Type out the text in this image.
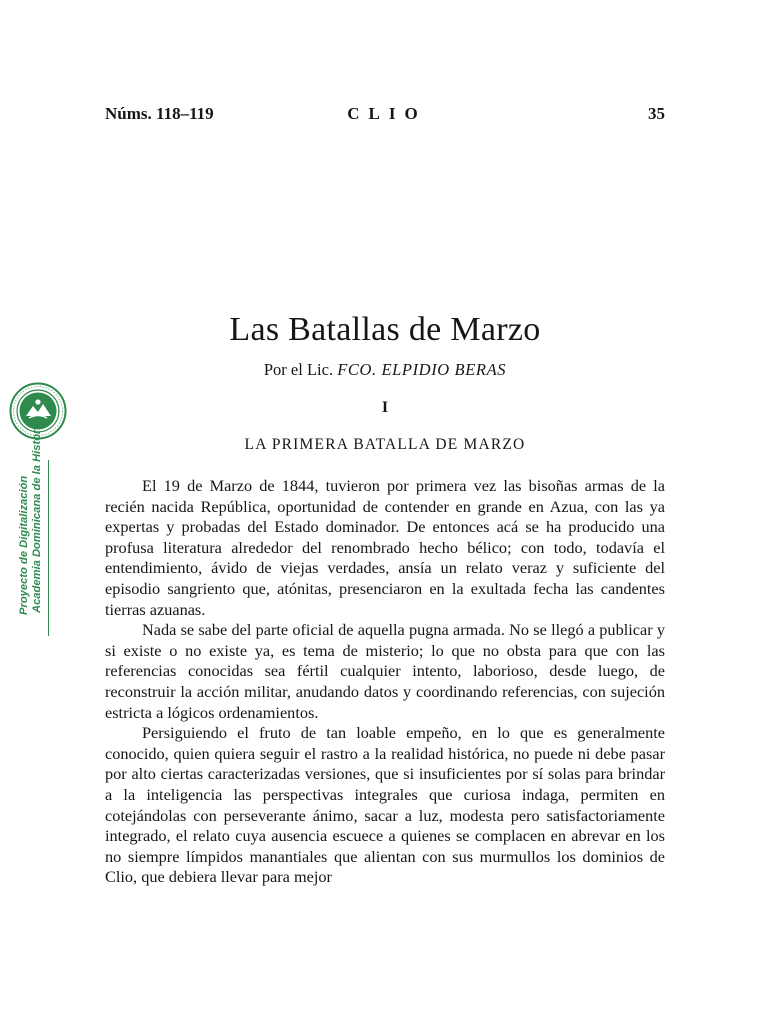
Núms. 118–119	CLIO	35
Las Batallas de Marzo
Por el Lic. FCO. ELPIDIO BERAS
I
LA PRIMERA BATALLA DE MARZO

El 19 de Marzo de 1844, tuvieron por primera vez las bisoñas armas de la recién nacida República, oportunidad de contender en grande en Azua, con las ya expertas y probadas del Estado dominador. De entonces acá se ha producido una profusa literatura alrededor del renombrado hecho bélico; con todo, todavía el entendimiento, ávido de viejas verdades, ansía un relato veraz y suficiente del episodio sangriento que, atónitas, presenciaron en la exultada fecha las candentes tierras azuanas.

Nada se sabe del parte oficial de aquella pugna armada. No se llegó a publicar y si existe o no existe ya, es tema de misterio; lo que no obsta para que con las referencias conocidas sea fértil cualquier intento, laborioso, desde luego, de reconstruir la acción militar, anudando datos y coordinando referencias, con sujeción estricta a lógicos ordenamientos.

Persiguiendo el fruto de tan loable empeño, en lo que es generalmente conocido, quien quiera seguir el rastro a la realidad histórica, no puede ni debe pasar por alto ciertas caracterizadas versiones, que si insuficientes por sí solas para brindar a la inteligencia las perspectivas integrales que curiosa indaga, permiten en cotejándolas con perseverante ánimo, sacar a luz, modesta pero satisfactoriamente integrado, el relato cuya ausencia escuece a quienes se complacen en abrevar en los no siempre límpidos manantiales que alientan con sus murmullos los dominios de Clio, que debiera llevar para mejor

Proyecto de Digitalización Academia Dominicana de la Historia
